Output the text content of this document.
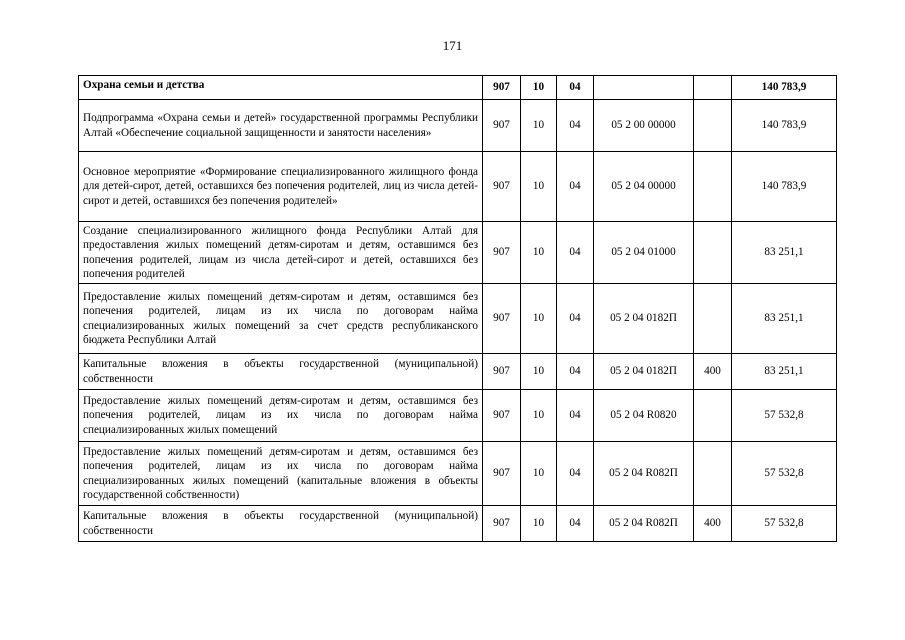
171
Охрана семьи и детства	907	10	04			140 783,9
Подпрограмма «Охрана семьи и детей» государственной программы Республики Алтай «Обеспечение социальной защищенности и занятости населения»	907	10	04	05 2 00 00000		140 783,9
Основное мероприятие «Формирование специализированного жилищного фонда для детей-сирот, детей, оставшихся без попечения родителей, лиц из числа детей-сирот и детей, оставшихся без попечения родителей»	907	10	04	05 2 04 00000		140 783,9
Создание специализированного жилищного фонда Республики Алтай для предоставления жилых помещений детям-сиротам и детям, оставшимся без попечения родителей, лицам из числа детей-сирот и детей, оставшихся без попечения родителей	907	10	04	05 2 04 01000		83 251,1
Предоставление жилых помещений детям-сиротам и детям, оставшимся без попечения родителей, лицам из их числа по договорам найма специализированных жилых помещений за счет средств республиканского бюджета Республики Алтай	907	10	04	05 2 04 0182П		83 251,1
Капитальные вложения в объекты государственной (муниципальной) собственности	907	10	04	05 2 04 0182П	400	83 251,1
Предоставление жилых помещений детям-сиротам и детям, оставшимся без попечения родителей, лицам из их числа по договорам найма специализированных жилых помещений	907	10	04	05 2 04 R0820		57 532,8
Предоставление жилых помещений детям-сиротам и детям, оставшимся без попечения родителей, лицам из их числа по договорам найма специализированных жилых помещений (капитальные вложения в объекты государственной собственности)	907	10	04	05 2 04 R082П		57 532,8
Капитальные вложения в объекты государственной (муниципальной) собственности	907	10	04	05 2 04 R082П	400	57 532,8
